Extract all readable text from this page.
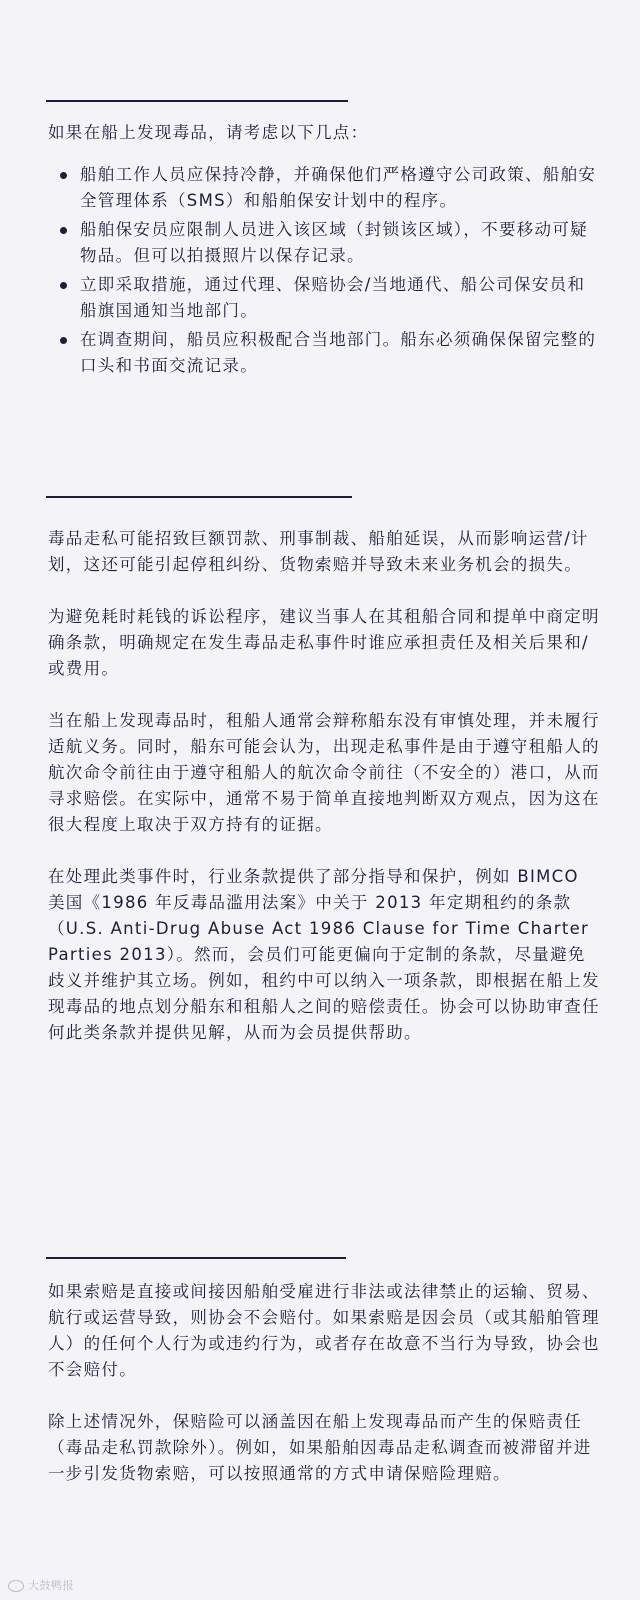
如果在船上发现毒品，请考虑以下几点：

船舶工作人员应保持冷静，并确保他们严格遵守公司政策、船舶安全管理体系（SMS）和船舶保安计划中的程序。
船舶保安员应限制人员进入该区域（封锁该区域），不要移动可疑物品。但可以拍摄照片以保存记录。
立即采取措施，通过代理、保赔协会/当地通代、船公司保安员和船旗国通知当地部门。
在调查期间，船员应积极配合当地部门。船东必须确保保留完整的口头和书面交流记录。

毒品走私可能招致巨额罚款、刑事制裁、船舶延误，从而影响运营/计划，这还可能引起停租纠纷、货物索赔并导致未来业务机会的损失。

为避免耗时耗钱的诉讼程序，建议当事人在其租船合同和提单中商定明确条款，明确规定在发生毒品走私事件时谁应承担责任及相关后果和/或费用。

当在船上发现毒品时，租船人通常会辩称船东没有审慎处理，并未履行适航义务。同时，船东可能会认为，出现走私事件是由于遵守租船人的航次命令前往由于遵守租船人的航次命令前往（不安全的）港口，从而寻求赔偿。在实际中，通常不易于简单直接地判断双方观点，因为这在很大程度上取决于双方持有的证据。

在处理此类事件时，行业条款提供了部分指导和保护，例如 BIMCO 美国《1986 年反毒品滥用法案》中关于 2013 年定期租约的条款（U.S. Anti-Drug Abuse Act 1986 Clause for Time Charter Parties 2013）。然而，会员们可能更偏向于定制的条款，尽量避免歧义并维护其立场。例如，租约中可以纳入一项条款，即根据在船上发现毒品的地点划分船东和租船人之间的赔偿责任。协会可以协助审查任何此类条款并提供见解，从而为会员提供帮助。

如果索赔是直接或间接因船舶受雇进行非法或法律禁止的运输、贸易、航行或运营导致，则协会不会赔付。如果索赔是因会员（或其船舶管理人）的任何个人行为或违约行为，或者存在故意不当行为导致，协会也不会赔付。

除上述情况外，保赔险可以涵盖因在船上发现毒品而产生的保赔责任（毒品走私罚款除外）。例如，如果船舶因毒品走私调查而被滞留并进一步引发货物索赔，可以按照通常的方式申请保赔险理赔。

大鼓鸭报
